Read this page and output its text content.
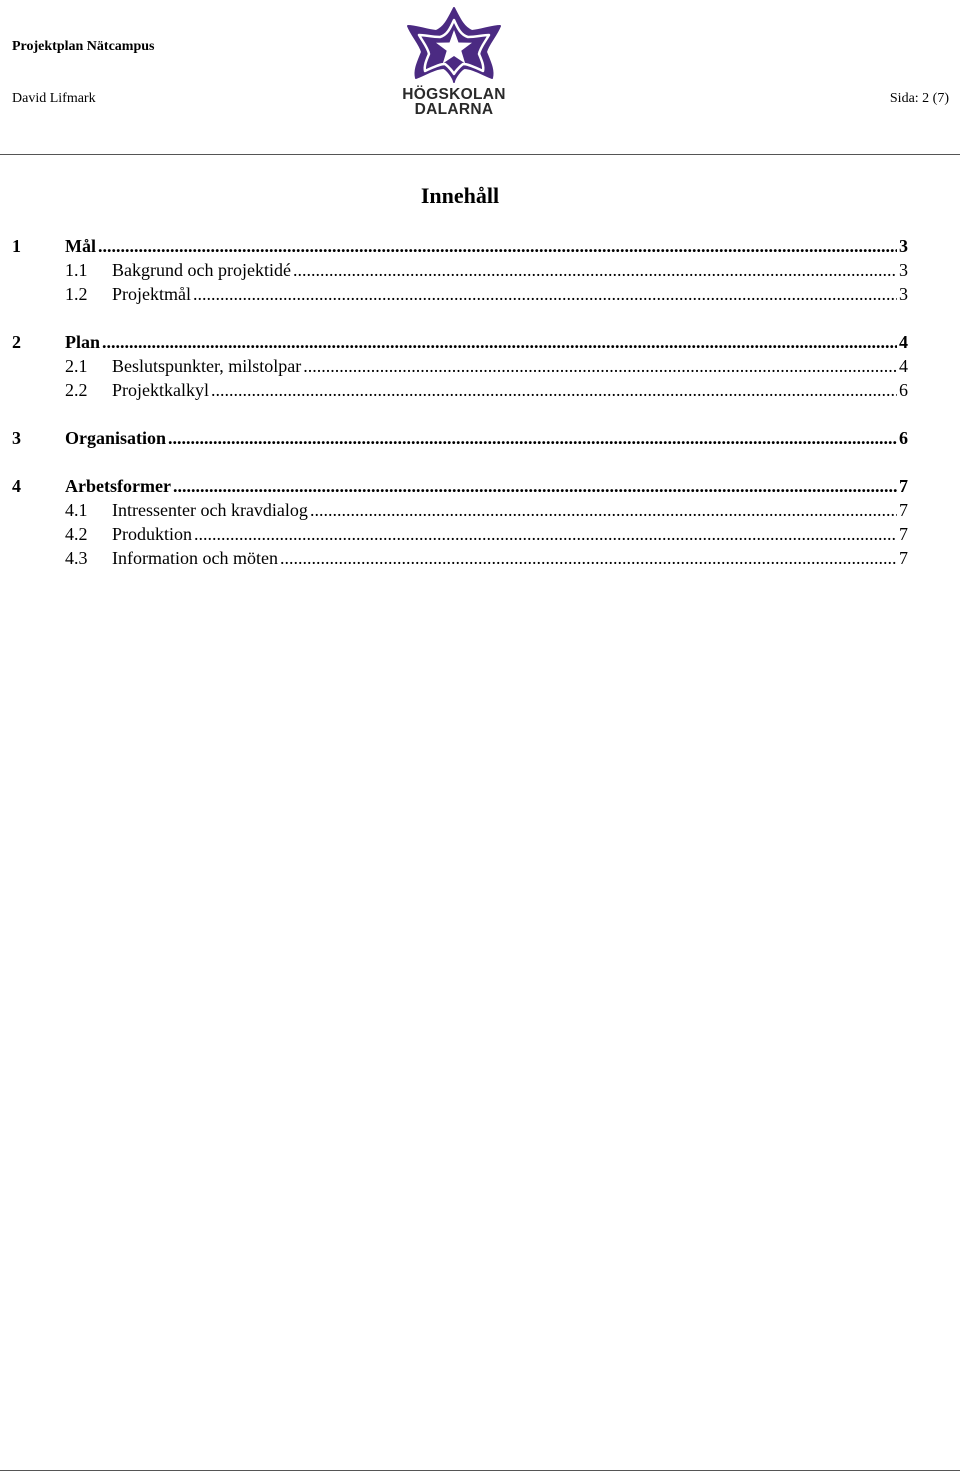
Projektplan Nätcampus
David Lifmark	Sida: 2 (7)
HÖGSKOLAN
DALARNA
Innehåll
1	Mål .....	3
1.1	Bakgrund och projektidé .....	3
1.2	Projektmål .....	3
2	Plan .....	4
2.1	Beslutspunkter, milstolpar .....	4
2.2	Projektkalkyl .....	6
3	Organisation .....	6
4	Arbetsformer .....	7
4.1	Intressenter och kravdialog .....	7
4.2	Produktion .....	7
4.3	Information och möten .....	7
